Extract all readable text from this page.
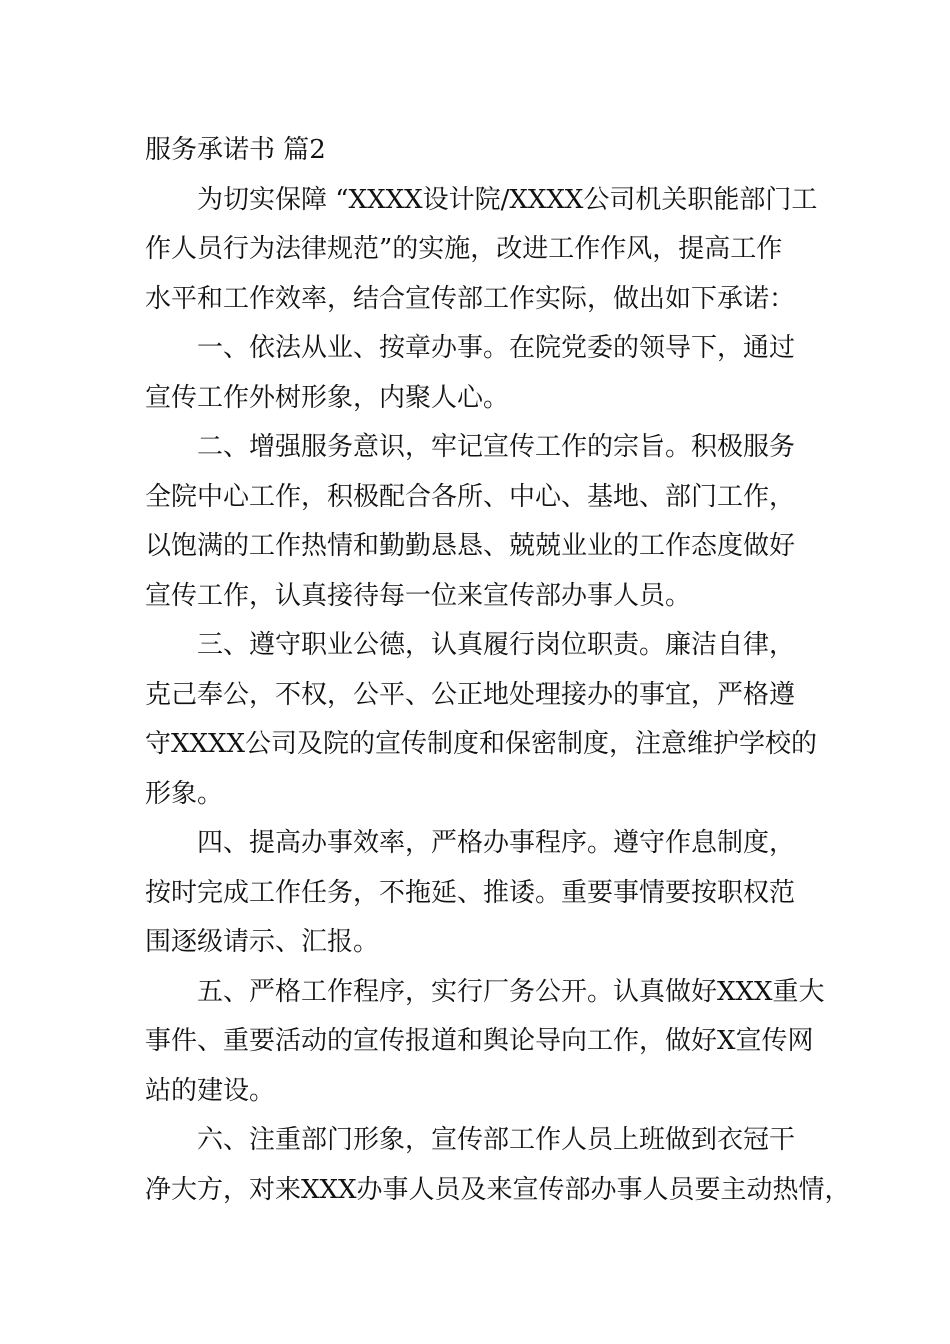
服务承诺书 篇2
为切实保障 “XXXX设计院/XXXX公司机关职能部门工
作人员行为法律规范”的实施，改进工作作风，提高工作
水平和工作效率，结合宣传部工作实际，做出如下承诺：
一、依法从业、按章办事。在院党委的领导下，通过
宣传工作外树形象，内聚人心。
二、增强服务意识，牢记宣传工作的宗旨。积极服务
全院中心工作，积极配合各所、中心、基地、部门工作，
以饱满的工作热情和勤勤恳恳、兢兢业业的工作态度做好
宣传工作，认真接待每一位来宣传部办事人员。
三、遵守职业公德，认真履行岗位职责。廉洁自律，
克己奉公，不权，公平、公正地处理接办的事宜，严格遵
守XXXX公司及院的宣传制度和保密制度，注意维护学校的
形象。
四、提高办事效率，严格办事程序。遵守作息制度，
按时完成工作任务，不拖延、推诿。重要事情要按职权范
围逐级请示、汇报。
五、严格工作程序，实行厂务公开。认真做好XXX重大
事件、重要活动的宣传报道和舆论导向工作，做好X宣传网
站的建设。
六、注重部门形象，宣传部工作人员上班做到衣冠干
净大方，对来XXX办事人员及来宣传部办事人员要主动热情，
